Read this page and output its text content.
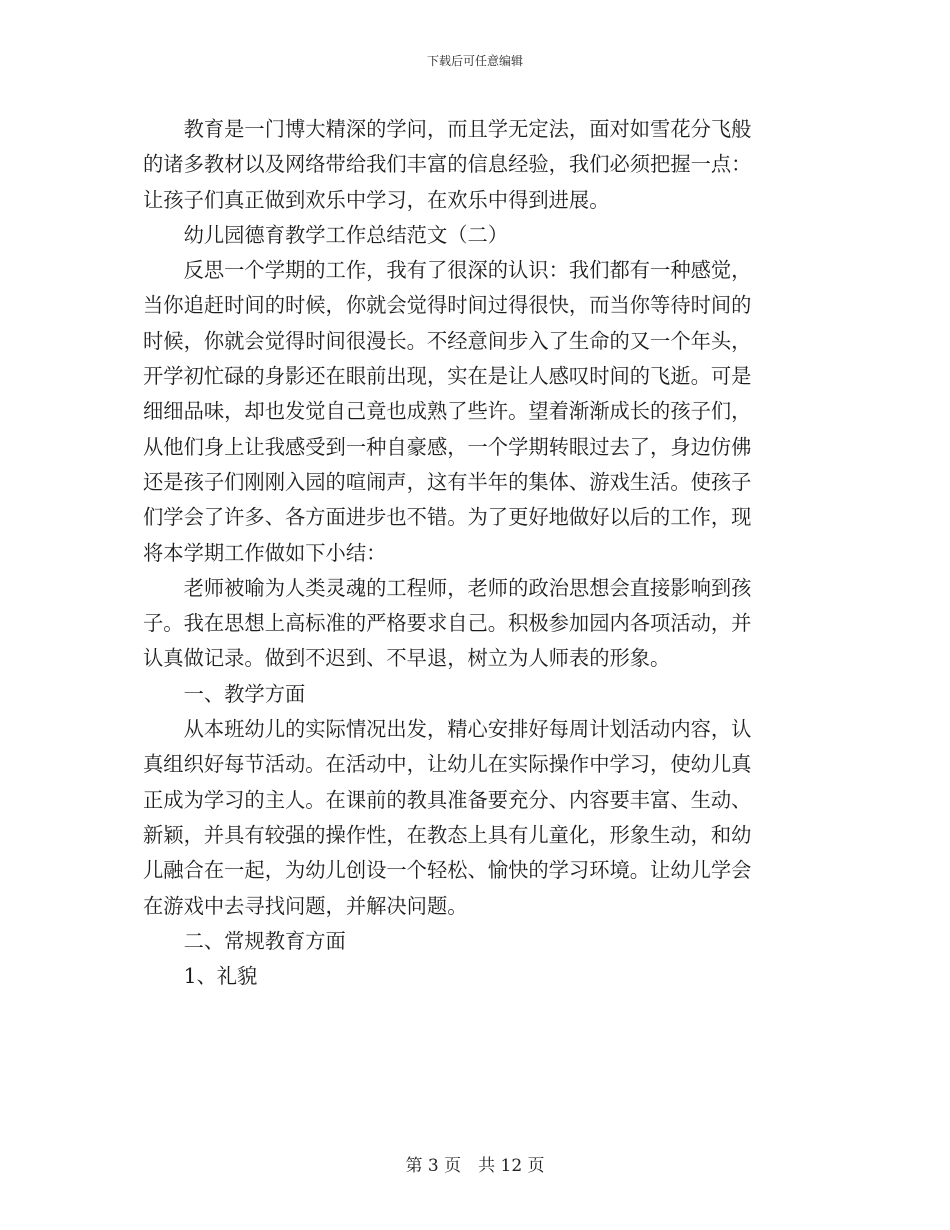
下载后可任意编辑
　　教育是一门博大精深的学问，而且学无定法，面对如雪花分飞般
的诸多教材以及网络带给我们丰富的信息经验，我们必须把握一点：
让孩子们真正做到欢乐中学习，在欢乐中得到进展。
　　幼儿园德育教学工作总结范文（二）
　　反思一个学期的工作，我有了很深的认识：我们都有一种感觉，
当你追赶时间的时候，你就会觉得时间过得很快，而当你等待时间的
时候，你就会觉得时间很漫长。不经意间步入了生命的又一个年头，
开学初忙碌的身影还在眼前出现，实在是让人感叹时间的飞逝。可是
细细品味，却也发觉自己竟也成熟了些许。望着渐渐成长的孩子们，
从他们身上让我感受到一种自豪感，一个学期转眼过去了，身边仿佛
还是孩子们刚刚入园的喧闹声，这有半年的集体、游戏生活。使孩子
们学会了许多、各方面进步也不错。为了更好地做好以后的工作，现
将本学期工作做如下小结：
　　老师被喻为人类灵魂的工程师，老师的政治思想会直接影响到孩
子。我在思想上高标准的严格要求自己。积极参加园内各项活动，并
认真做记录。做到不迟到、不早退，树立为人师表的形象。
　　一、教学方面
　　从本班幼儿的实际情况出发，精心安排好每周计划活动内容，认
真组织好每节活动。在活动中，让幼儿在实际操作中学习，使幼儿真
正成为学习的主人。在课前的教具准备要充分、内容要丰富、生动、
新颖，并具有较强的操作性，在教态上具有儿童化，形象生动，和幼
儿融合在一起，为幼儿创设一个轻松、愉快的学习环境。让幼儿学会
在游戏中去寻找问题，并解决问题。
　　二、常规教育方面
　　1、礼貌
第 3 页　共 12 页
